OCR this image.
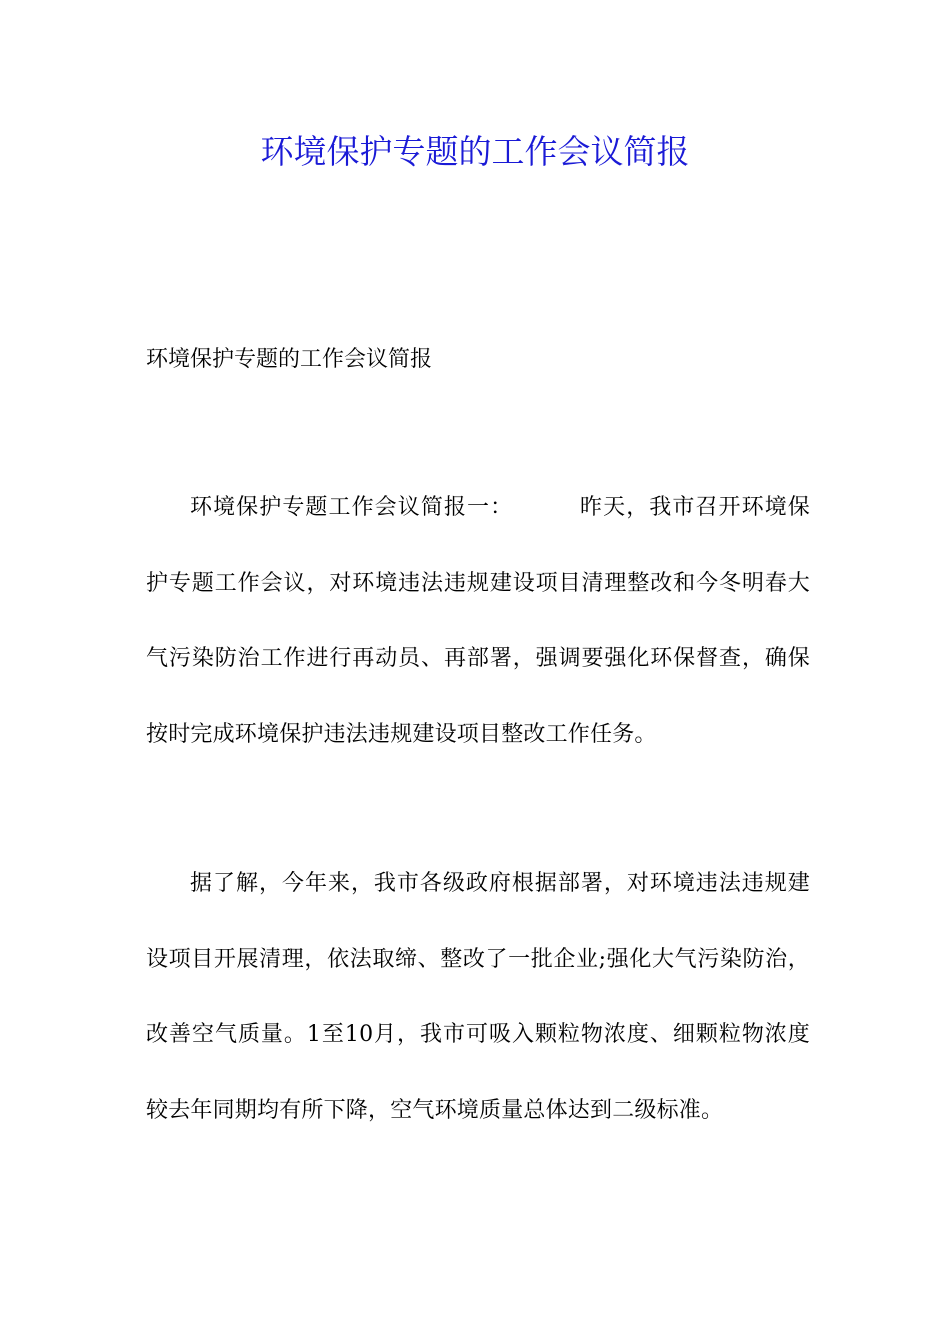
环境保护专题的工作会议简报

环境保护专题的工作会议简报

环境保护专题工作会议简报一：	昨天，我市召开环境保护专题工作会议，对环境违法违规建设项目清理整改和今冬明春大气污染防治工作进行再动员、再部署，强调要强化环保督查，确保按时完成环境保护违法违规建设项目整改工作任务。

据了解，今年来，我市各级政府根据部署，对环境违法违规建设项目开展清理，依法取缔、整改了一批企业;强化大气污染防治，改善空气质量。1至10月，我市可吸入颗粒物浓度、细颗粒物浓度较去年同期均有所下降，空气环境质量总体达到二级标准。
